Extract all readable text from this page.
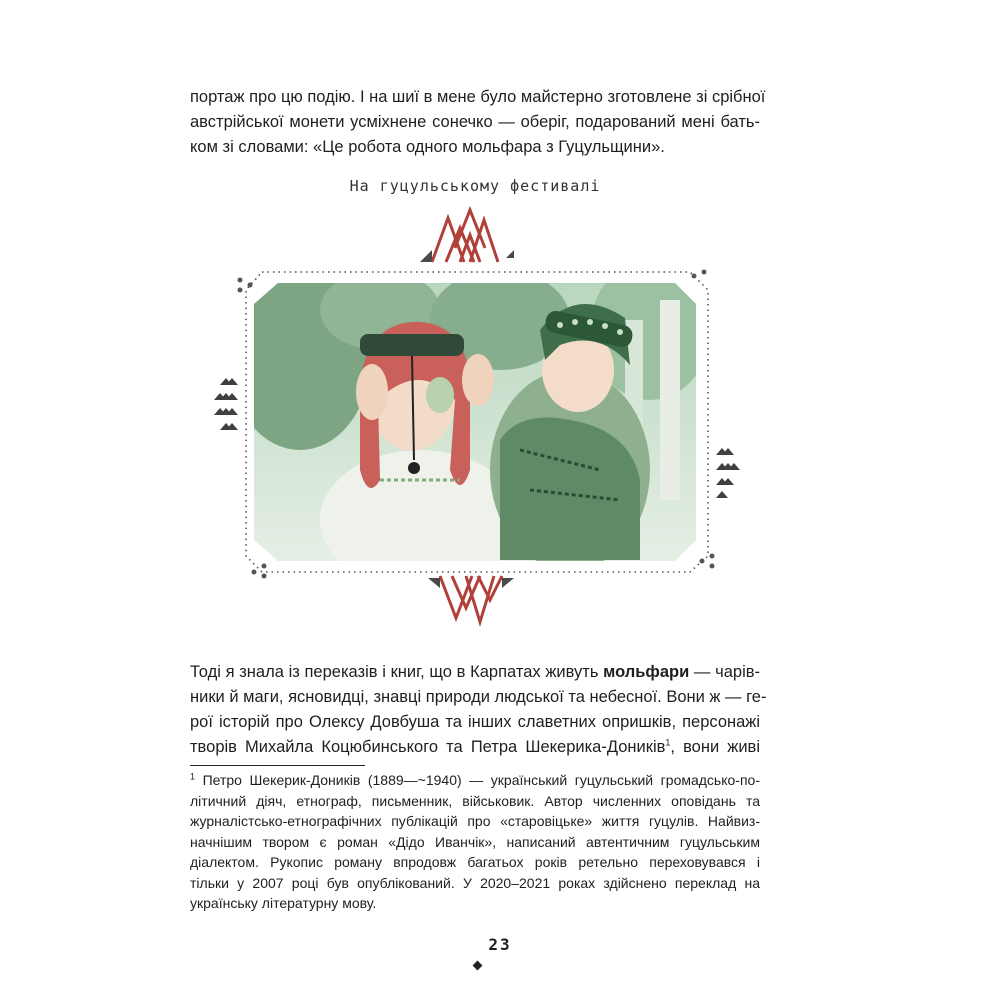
портаж про цю подію. І на шиї в мене було майстерно зготовлене зі срібної
австрійської монети усміхнене сонечко — оберіг, подарований мені бать-
ком зі словами: «Це робота одного мольфара з Гуцульщини».

На гуцульському фестивалі

Тоді я знала із переказів і книг, що в Карпатах живуть мольфари — чарів-
ники й маги, ясновидці, знавці природи людської та небесної. Вони ж — ге-
рої історій про Олексу Довбуша та інших славетних опришків, персонажі
творів Михайла Коцюбинського та Петра Шекерика-Доників$^1$, вони живі

$^1$ Петро Шекерик-Доників (1889—~1940) — український гуцульський громадсько-по-
літичний діяч, етнограф, письменник, військовик. Автор численних оповідань та
журналістсько-етнографічних публікацій про «старовіцьке» життя гуцулів. Найвиз-
начнішим твором є роман «Дідо Иванчік», написаний автентичним гуцульським
діалектом. Рукопис роману впродовж багатьох років ретельно переховувався і
тільки у 2007 році був опублікований. У 2020–2021 роках здійснено переклад на
українську літературну мову.

23
